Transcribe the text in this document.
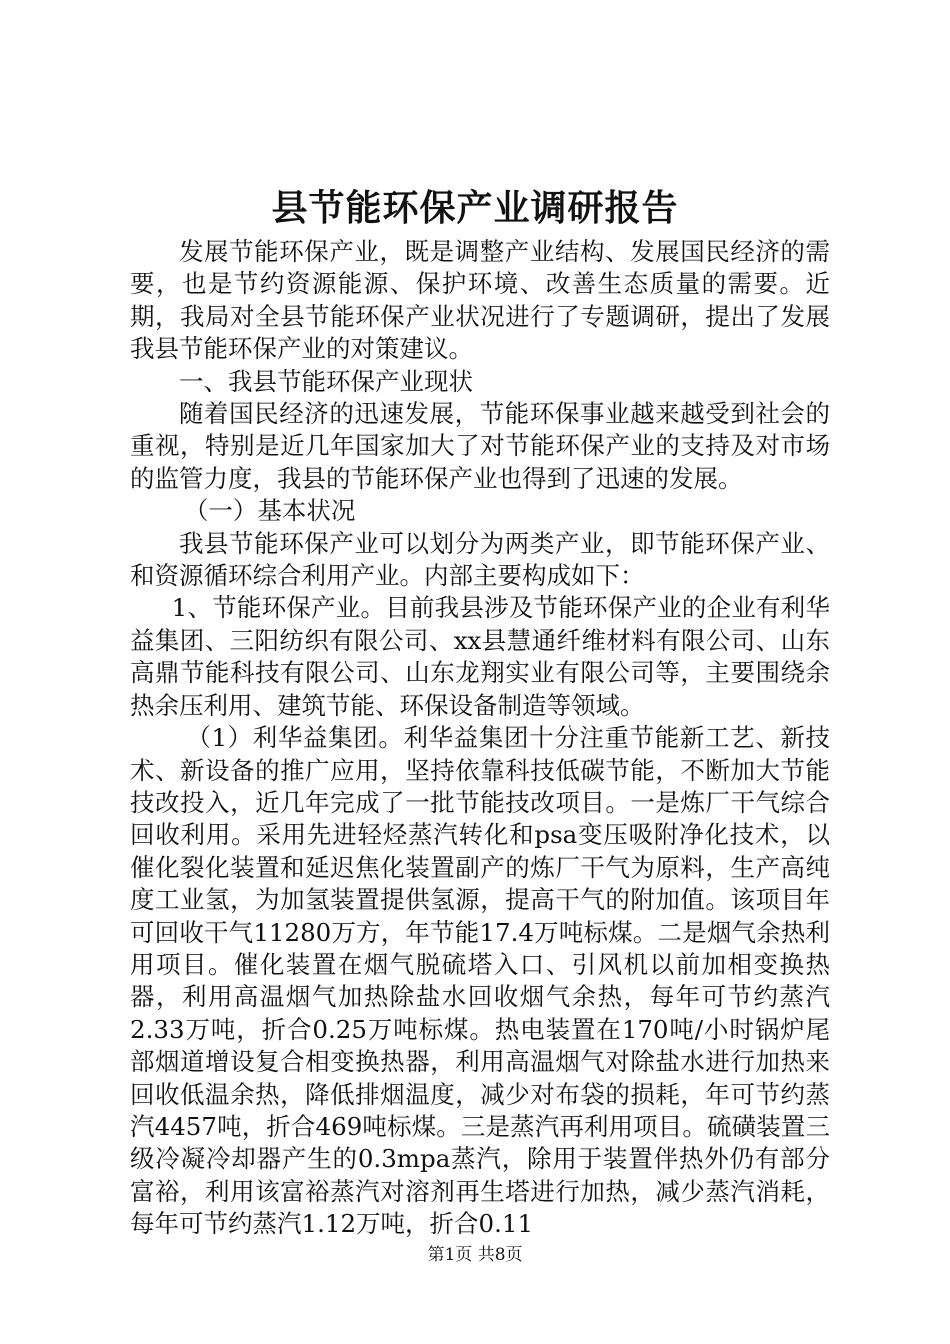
县节能环保产业调研报告

发展节能环保产业，既是调整产业结构、发展国民经济的需要，也是节约资源能源、保护环境、改善生态质量的需要。近期，我局对全县节能环保产业状况进行了专题调研，提出了发展我县节能环保产业的对策建议。

一、我县节能环保产业现状

随着国民经济的迅速发展，节能环保事业越来越受到社会的重视，特别是近几年国家加大了对节能环保产业的支持及对市场的监管力度，我县的节能环保产业也得到了迅速的发展。

（一）基本状况

我县节能环保产业可以划分为两类产业，即节能环保产业、和资源循环综合利用产业。内部主要构成如下：

1、节能环保产业。目前我县涉及节能环保产业的企业有利华益集团、三阳纺织有限公司、xx县慧通纤维材料有限公司、山东高鼎节能科技有限公司、山东龙翔实业有限公司等，主要围绕余热余压利用、建筑节能、环保设备制造等领域。

（1）利华益集团。利华益集团十分注重节能新工艺、新技术、新设备的推广应用，坚持依靠科技低碳节能，不断加大节能技改投入，近几年完成了一批节能技改项目。一是炼厂干气综合回收利用。采用先进轻烃蒸汽转化和psa变压吸附净化技术，以催化裂化装置和延迟焦化装置副产的炼厂干气为原料，生产高纯度工业氢，为加氢装置提供氢源，提高干气的附加值。该项目年可回收干气11280万方，年节能17.4万吨标煤。二是烟气余热利用项目。催化装置在烟气脱硫塔入口、引风机以前加相变换热器，利用高温烟气加热除盐水回收烟气余热，每年可节约蒸汽2.33万吨，折合0.25万吨标煤。热电装置在170吨/小时锅炉尾部烟道增设复合相变换热器，利用高温烟气对除盐水进行加热来回收低温余热，降低排烟温度，减少对布袋的损耗，年可节约蒸汽4457吨，折合469吨标煤。三是蒸汽再利用项目。硫磺装置三级冷凝冷却器产生的0.3mpa蒸汽，除用于装置伴热外仍有部分富裕，利用该富裕蒸汽对溶剂再生塔进行加热，减少蒸汽消耗，每年可节约蒸汽1.12万吨，折合0.11

第1页 共8页
